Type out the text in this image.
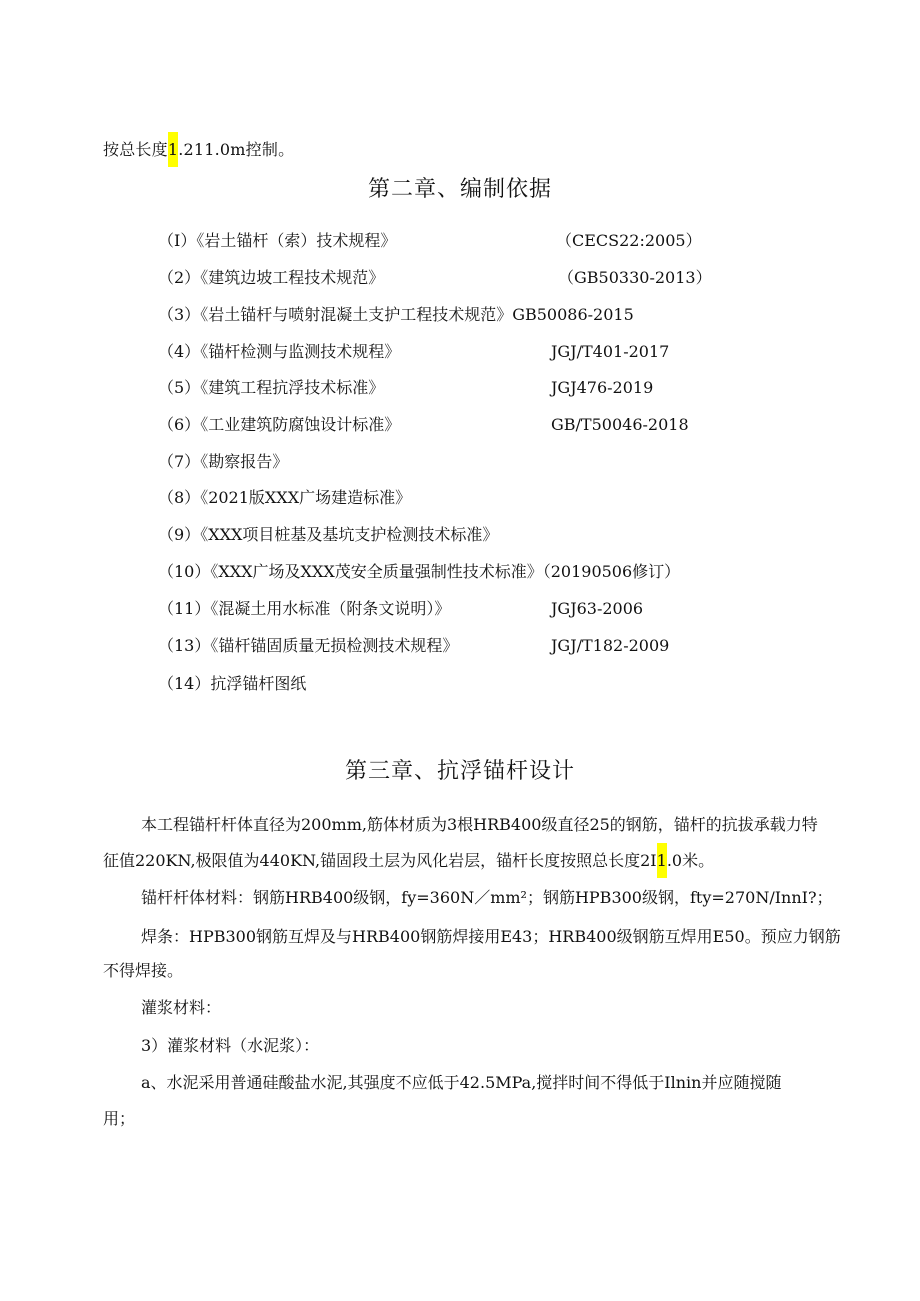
按总长度1.211.0m控制。
第二章、编制依据
（I）《岩土锚杆（索）技术规程》	（CECS22:2005）
（2）《建筑边坡工程技术规范》	（GB50330-2013）
（3）《岩土锚杆与喷射混凝土支护工程技术规范》GB50086-2015
（4）《锚杆检测与监测技术规程》	JGJ/T401-2017
（5）《建筑工程抗浮技术标准》	JGJ476-2019
（6）《工业建筑防腐蚀设计标准》	GB/T50046-2018
（7）《勘察报告》
（8）《2021版XXX广场建造标准》
（9）《XXX项目桩基及基坑支护检测技术标准》
（10）《XXX广场及XXX茂安全质量强制性技术标准》（20190506修订）
（11）《混凝土用水标准（附条文说明）》	JGJ63-2006
（13）《锚杆锚固质量无损检测技术规程》	JGJ/T182-2009
（14）抗浮锚杆图纸
第三章、抗浮锚杆设计
本工程锚杆杆体直径为200mm,筋体材质为3根HRB400级直径25的钢筋，锚杆的抗拔承载力特
征值220KN,极限值为440KN,锚固段土层为风化岩层，锚杆长度按照总长度2I1.0米。
锚杆杆体材料：钢筋HRB400级钢，fy=360N／mm²；钢筋HPB300级钢，fty=270N/InnI?；
焊条：HPB300钢筋互焊及与HRB400钢筋焊接用E43；HRB400级钢筋互焊用E50。预应力钢筋
不得焊接。
灌浆材料：
3）灌浆材料（水泥浆）：
a、水泥采用普通硅酸盐水泥,其强度不应低于42.5MPa,搅拌时间不得低于Ilnin并应随搅随
用；
